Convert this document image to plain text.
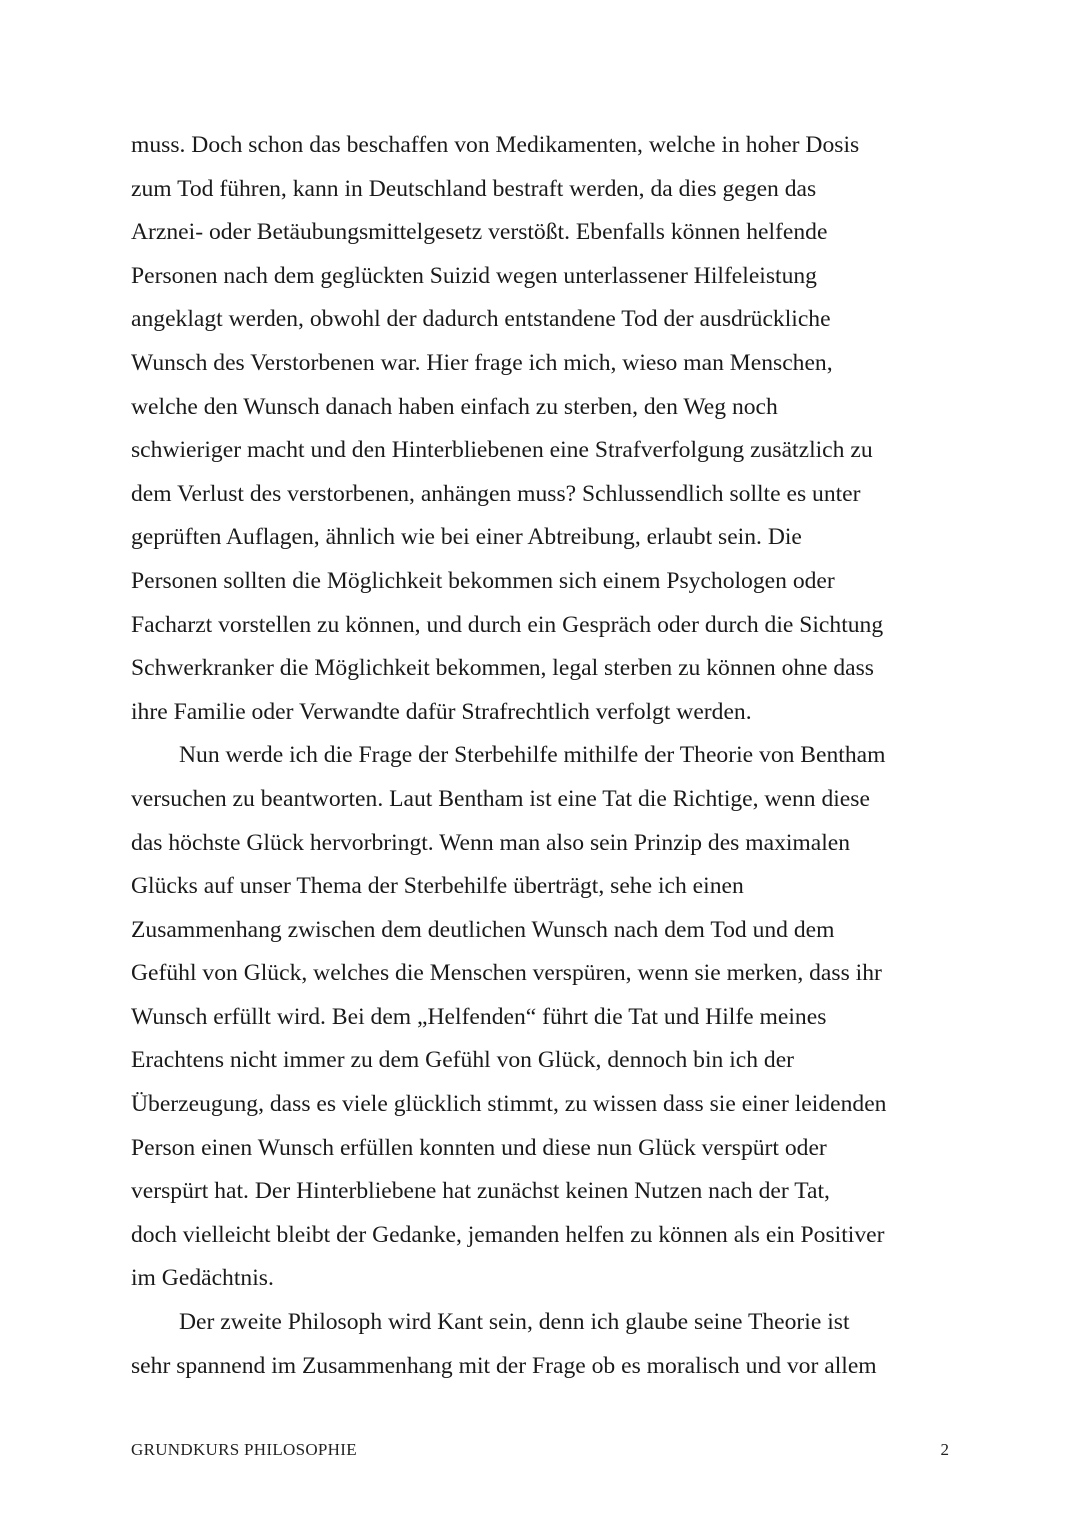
muss. Doch schon das beschaffen von Medikamenten, welche in hoher Dosis
zum Tod führen, kann in Deutschland bestraft werden, da dies gegen das
Arznei- oder Betäubungsmittelgesetz verstößt. Ebenfalls können helfende
Personen nach dem geglückten Suizid wegen unterlassener Hilfeleistung
angeklagt werden, obwohl der dadurch entstandene Tod der ausdrückliche
Wunsch des Verstorbenen war. Hier frage ich mich, wieso man Menschen,
welche den Wunsch danach haben einfach zu sterben, den Weg noch
schwieriger macht und den Hinterbliebenen eine Strafverfolgung zusätzlich zu
dem Verlust des verstorbenen, anhängen muss? Schlussendlich sollte es unter
geprüften Auflagen, ähnlich wie bei einer Abtreibung, erlaubt sein. Die
Personen sollten die Möglichkeit bekommen sich einem Psychologen oder
Facharzt vorstellen zu können, und durch ein Gespräch oder durch die Sichtung
Schwerkranker die Möglichkeit bekommen, legal sterben zu können ohne dass
ihre Familie oder Verwandte dafür Strafrechtlich verfolgt werden.
Nun werde ich die Frage der Sterbehilfe mithilfe der Theorie von Bentham
versuchen zu beantworten. Laut Bentham ist eine Tat die Richtige, wenn diese
das höchste Glück hervorbringt. Wenn man also sein Prinzip des maximalen
Glücks auf unser Thema der Sterbehilfe überträgt, sehe ich einen
Zusammenhang zwischen dem deutlichen Wunsch nach dem Tod und dem
Gefühl von Glück, welches die Menschen verspüren, wenn sie merken, dass ihr
Wunsch erfüllt wird. Bei dem „Helfenden“ führt die Tat und Hilfe meines
Erachtens nicht immer zu dem Gefühl von Glück, dennoch bin ich der
Überzeugung, dass es viele glücklich stimmt, zu wissen dass sie einer leidenden
Person einen Wunsch erfüllen konnten und diese nun Glück verspürt oder
verspürt hat. Der Hinterbliebene hat zunächst keinen Nutzen nach der Tat,
doch vielleicht bleibt der Gedanke, jemanden helfen zu können als ein Positiver
im Gedächtnis.
Der zweite Philosoph wird Kant sein, denn ich glaube seine Theorie ist
sehr spannend im Zusammenhang mit der Frage ob es moralisch und vor allem
GRUNDKURS PHILOSOPHIE	2
